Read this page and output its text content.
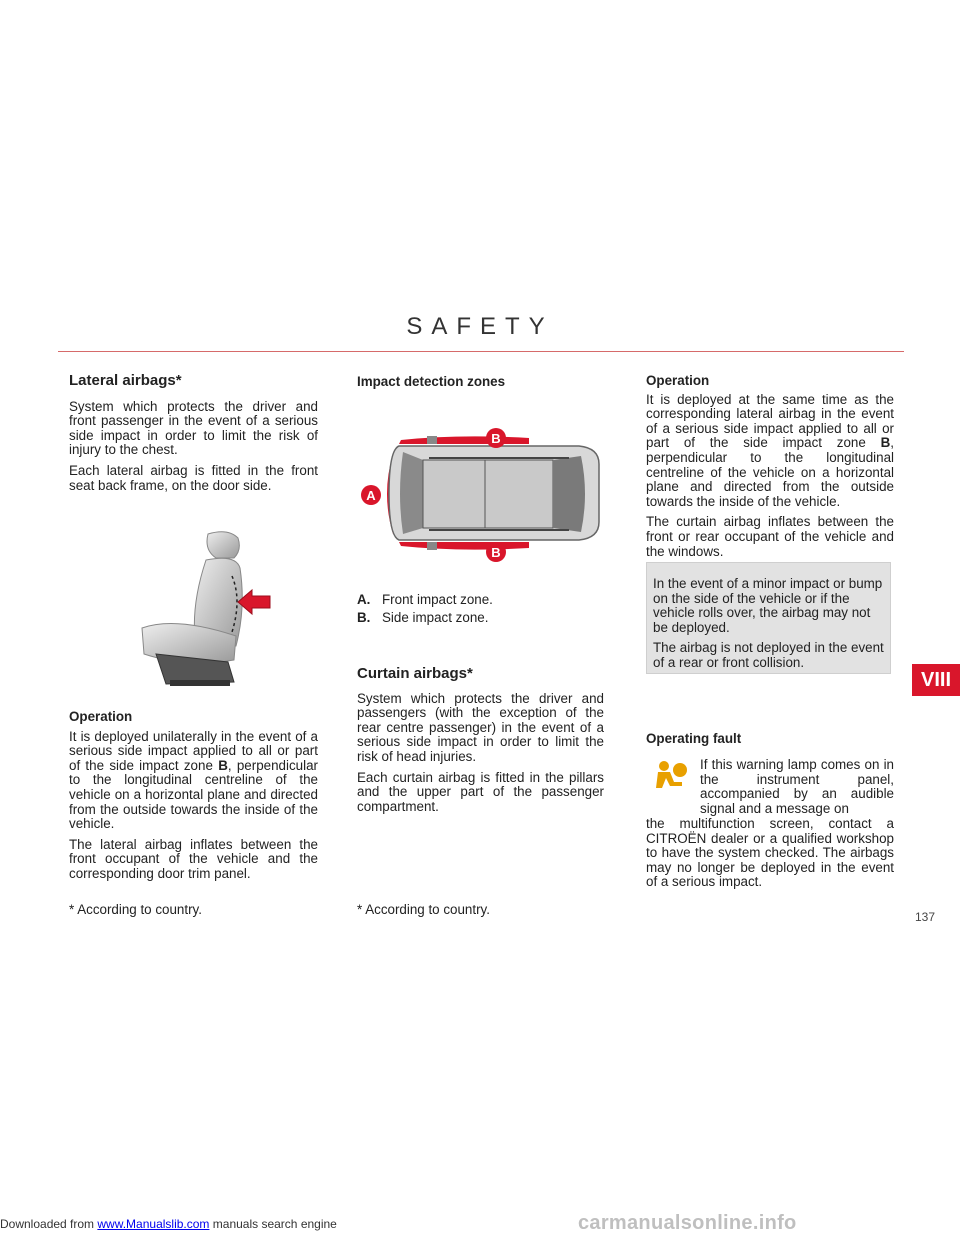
SAFETY
Lateral airbags*

System which protects the driver and front passenger in the event of a serious side impact in order to limit the risk of injury to the chest.

Each lateral airbag is fitted in the front seat back frame, on the door side.

Operation

It is deployed unilaterally in the event of a serious side impact applied to all or part of the side impact zone B, perpendicular to the longitudinal centreline of the vehicle on a horizontal plane and directed from the outside towards the inside of the vehicle.

The lateral airbag inflates between the front occupant of the vehicle and the corresponding door trim panel.

* According to country.
Impact detection zones
A
B
B
A. Front impact zone.
B. Side impact zone.
Curtain airbags*

System which protects the driver and passengers (with the exception of the rear centre passenger) in the event of a serious side impact in order to limit the risk of head injuries.

Each curtain airbag is fitted in the pillars and the upper part of the passenger compartment.

* According to country.
Operation

It is deployed at the same time as the corresponding lateral airbag in the event of a serious side impact applied to all or part of the side impact zone B, perpendicular to the longitudinal centreline of the vehicle on a horizontal plane and directed from the outside towards the inside of the vehicle.

The curtain airbag inflates between the front or rear occupant of the vehicle and the windows.

In the event of a minor impact or bump on the side of the vehicle or if the vehicle rolls over, the airbag may not be deployed.

The airbag is not deployed in the event of a rear or front collision.

Operating fault

If this warning lamp comes on in the instrument panel, accompanied by an audible signal and a message on

the multifunction screen, contact a CITROËN dealer or a qualified workshop to have the system checked. The airbags may no longer be deployed in the event of a serious impact.

VIII
137
Downloaded from www.Manualslib.com manuals search engine	carmanualsonline.info
